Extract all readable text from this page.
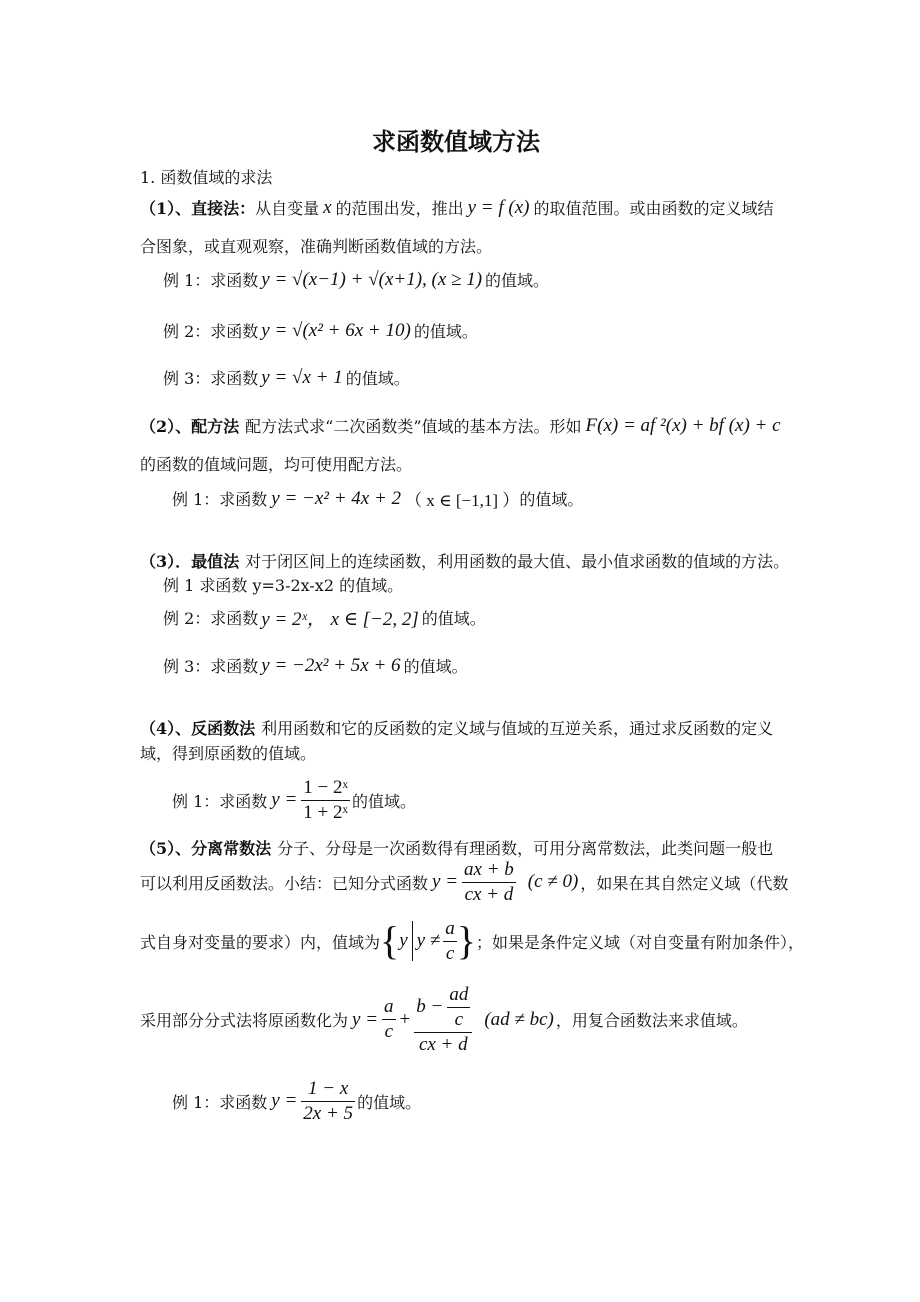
求函数值域方法
1. 函数值域的求法
（1）、直接法： 从自变量 x 的范围出发，推出 y = f (x) 的取值范围。或由函数的定义域结
合图象，或直观观察，准确判断函数值域的方法。
例 1：求函数 y = √(x−1) + √(x+1), (x ≥ 1) 的值域。
例 2：求函数 y = √(x² + 6x + 10) 的值域。
例 3：求函数 y = √x + 1 的值域。
（2）、配方法 配方法式求“二次函数类”值域的基本方法。形如 F(x) = af ²(x) + bf (x) + c
的函数的值域问题，均可使用配方法。
例 1：求函数 y = −x² + 4x + 2 （ x ∈ [−1,1] ） 的值域。
（3）．最值法 对于闭区间上的连续函数，利用函数的最大值、最小值求函数的值域的方法。
例 1 求函数 y=3-2x-x2 的值域。
例 2：求函数 y = 2ˣ， x ∈ [−2, 2] 的值域。
例 3：求函数 y = −2x² + 5x + 6 的值域。
（4）、反函数法 利用函数和它的反函数的定义域与值域的互逆关系，通过求反函数的定义
域，得到原函数的值域。
例 1：求函数 $y = \frac{\text{1 − 2ˣ}}{\text{1 + 2ˣ}}$ 的值域。
（5）、分离常数法 分子、分母是一次函数得有理函数，可用分离常数法，此类问题一般也
可以利用反函数法。小结：已知分式函数 $y = \frac{ax + b}{cx + d} (c \ne 0)$ ，如果在其自然定义域（代数
式自身对变量的要求）内，值域为 { y $y \ne \frac{a}{c}$ } ；如果是条件定义域（对自变量有附加条件），
采用部分分式法将原函数化为 $y = \frac{a}{c} + \frac{b - \frac{ad}{c}}{cx + d} (ad \ne bc)$ ，用复合函数法来求值域。
例 1：求函数 $y = \frac{1 - x}{2x + 5}$ 的值域。
